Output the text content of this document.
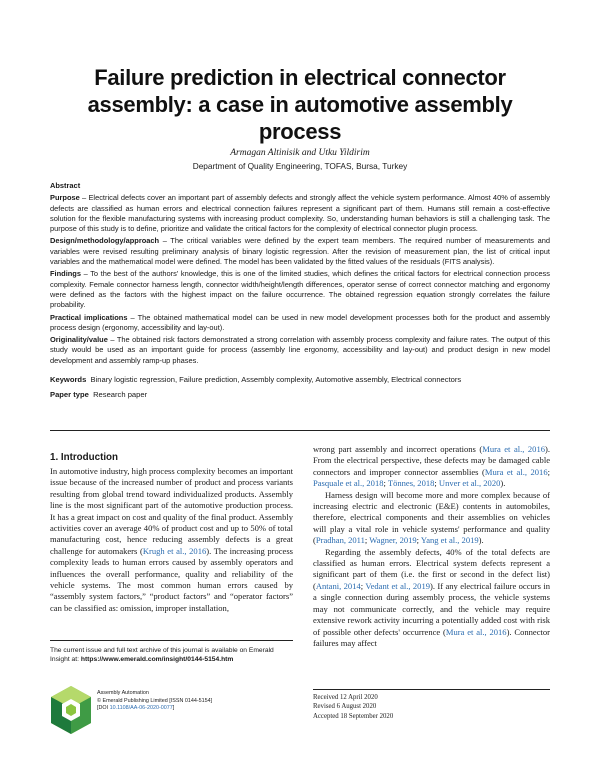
Failure prediction in electrical connector assembly: a case in automotive assembly process
Armagan Altinisik and Utku Yildirim
Department of Quality Engineering, TOFAS, Bursa, Turkey

Abstract

Purpose – Electrical defects cover an important part of assembly defects and strongly affect the vehicle system performance. Almost 40% of assembly defects are classified as human errors and electrical connection failures represent a significant part of them. Humans still remain a cost-effective solution for the flexible manufacturing systems with increasing product complexity. So, understanding human behaviors is still a challenging task. The purpose of this study is to define, prioritize and validate the critical factors for the complexity of electrical connector plugin process.

Design/methodology/approach – The critical variables were defined by the expert team members. The required number of measurements and variables were revised resulting preliminary analysis of binary logistic regression. After the revision of measurement plan, the list of critical input variables and the mathematical model were defined. The model has been validated by the fitted values of the residuals (FITS analysis).

Findings – To the best of the authors' knowledge, this is one of the limited studies, which defines the critical factors for electrical connection process complexity. Female connector harness length, connector width/height/length differences, operator sense of correct connector matching and ergonomy were defined as the factors with the highest impact on the failure occurrence. The obtained regression equation strongly correlates the failure probability.

Practical implications – The obtained mathematical model can be used in new model development processes both for the product and assembly process design (ergonomy, accessibility and lay-out).

Originality/value – The obtained risk factors demonstrated a strong correlation with assembly process complexity and failure rates. The output of this study would be used as an important guide for process (assembly line ergonomy, accessibility and lay-out) and product design in new model development and assembly ramp-up phases.

Keywords Binary logistic regression, Failure prediction, Assembly complexity, Automotive assembly, Electrical connectors
Paper type Research paper
1. Introduction

In automotive industry, high process complexity becomes an important issue because of the increased number of product and process variants resulting from global trend toward individualized products. Assembly line is the most significant part of the automotive production process. It has a great impact on cost and quality of the final product. Assembly activities cover an average 40% of product cost and up to 50% of total manufacturing cost, hence reducing assembly defects is a great challenge for automakers (Krugh et al., 2016). The increasing process complexity leads to human errors caused by assembly operators and influences the overall performance, quality and reliability of the vehicle systems. The most common human errors caused by “assembly system factors,” “product factors” and “operator factors” can be classified as: omission, improper installation,

wrong part assembly and incorrect operations (Mura et al., 2016). From the electrical perspective, these defects may be damaged cable connectors and improper connector assemblies (Mura et al., 2016; Pasquale et al., 2018; Tönnes, 2018; Unver et al., 2020).

Harness design will become more and more complex because of increasing electric and electronic (E&E) contents in automobiles, therefore, electrical components and their assemblies on vehicles will play a vital role in vehicle systems' performance and quality (Pradhan, 2011; Wagner, 2019; Yang et al., 2019).

Regarding the assembly defects, 40% of the total defects are classified as human errors. Electrical system defects represent a significant part of them (i.e. the first or second in the defect list) (Antani, 2014; Vedant et al., 2019). If any electrical failure occurs in a single connection during assembly process, the vehicle systems may not communicate correctly, and the vehicle may require extensive rework activity incurring a potentially added cost with risk of possible other defects' occurrence (Mura et al., 2016). Connector failures may affect

The current issue and full text archive of this journal is available on Emerald Insight at: https://www.emerald.com/insight/0144-5154.htm
Assembly Automation
© Emerald Publishing Limited [ISSN 0144-5154]
[DOI 10.1108/AA-06-2020-0077]
Received 12 April 2020
Revised 6 August 2020
Accepted 18 September 2020
